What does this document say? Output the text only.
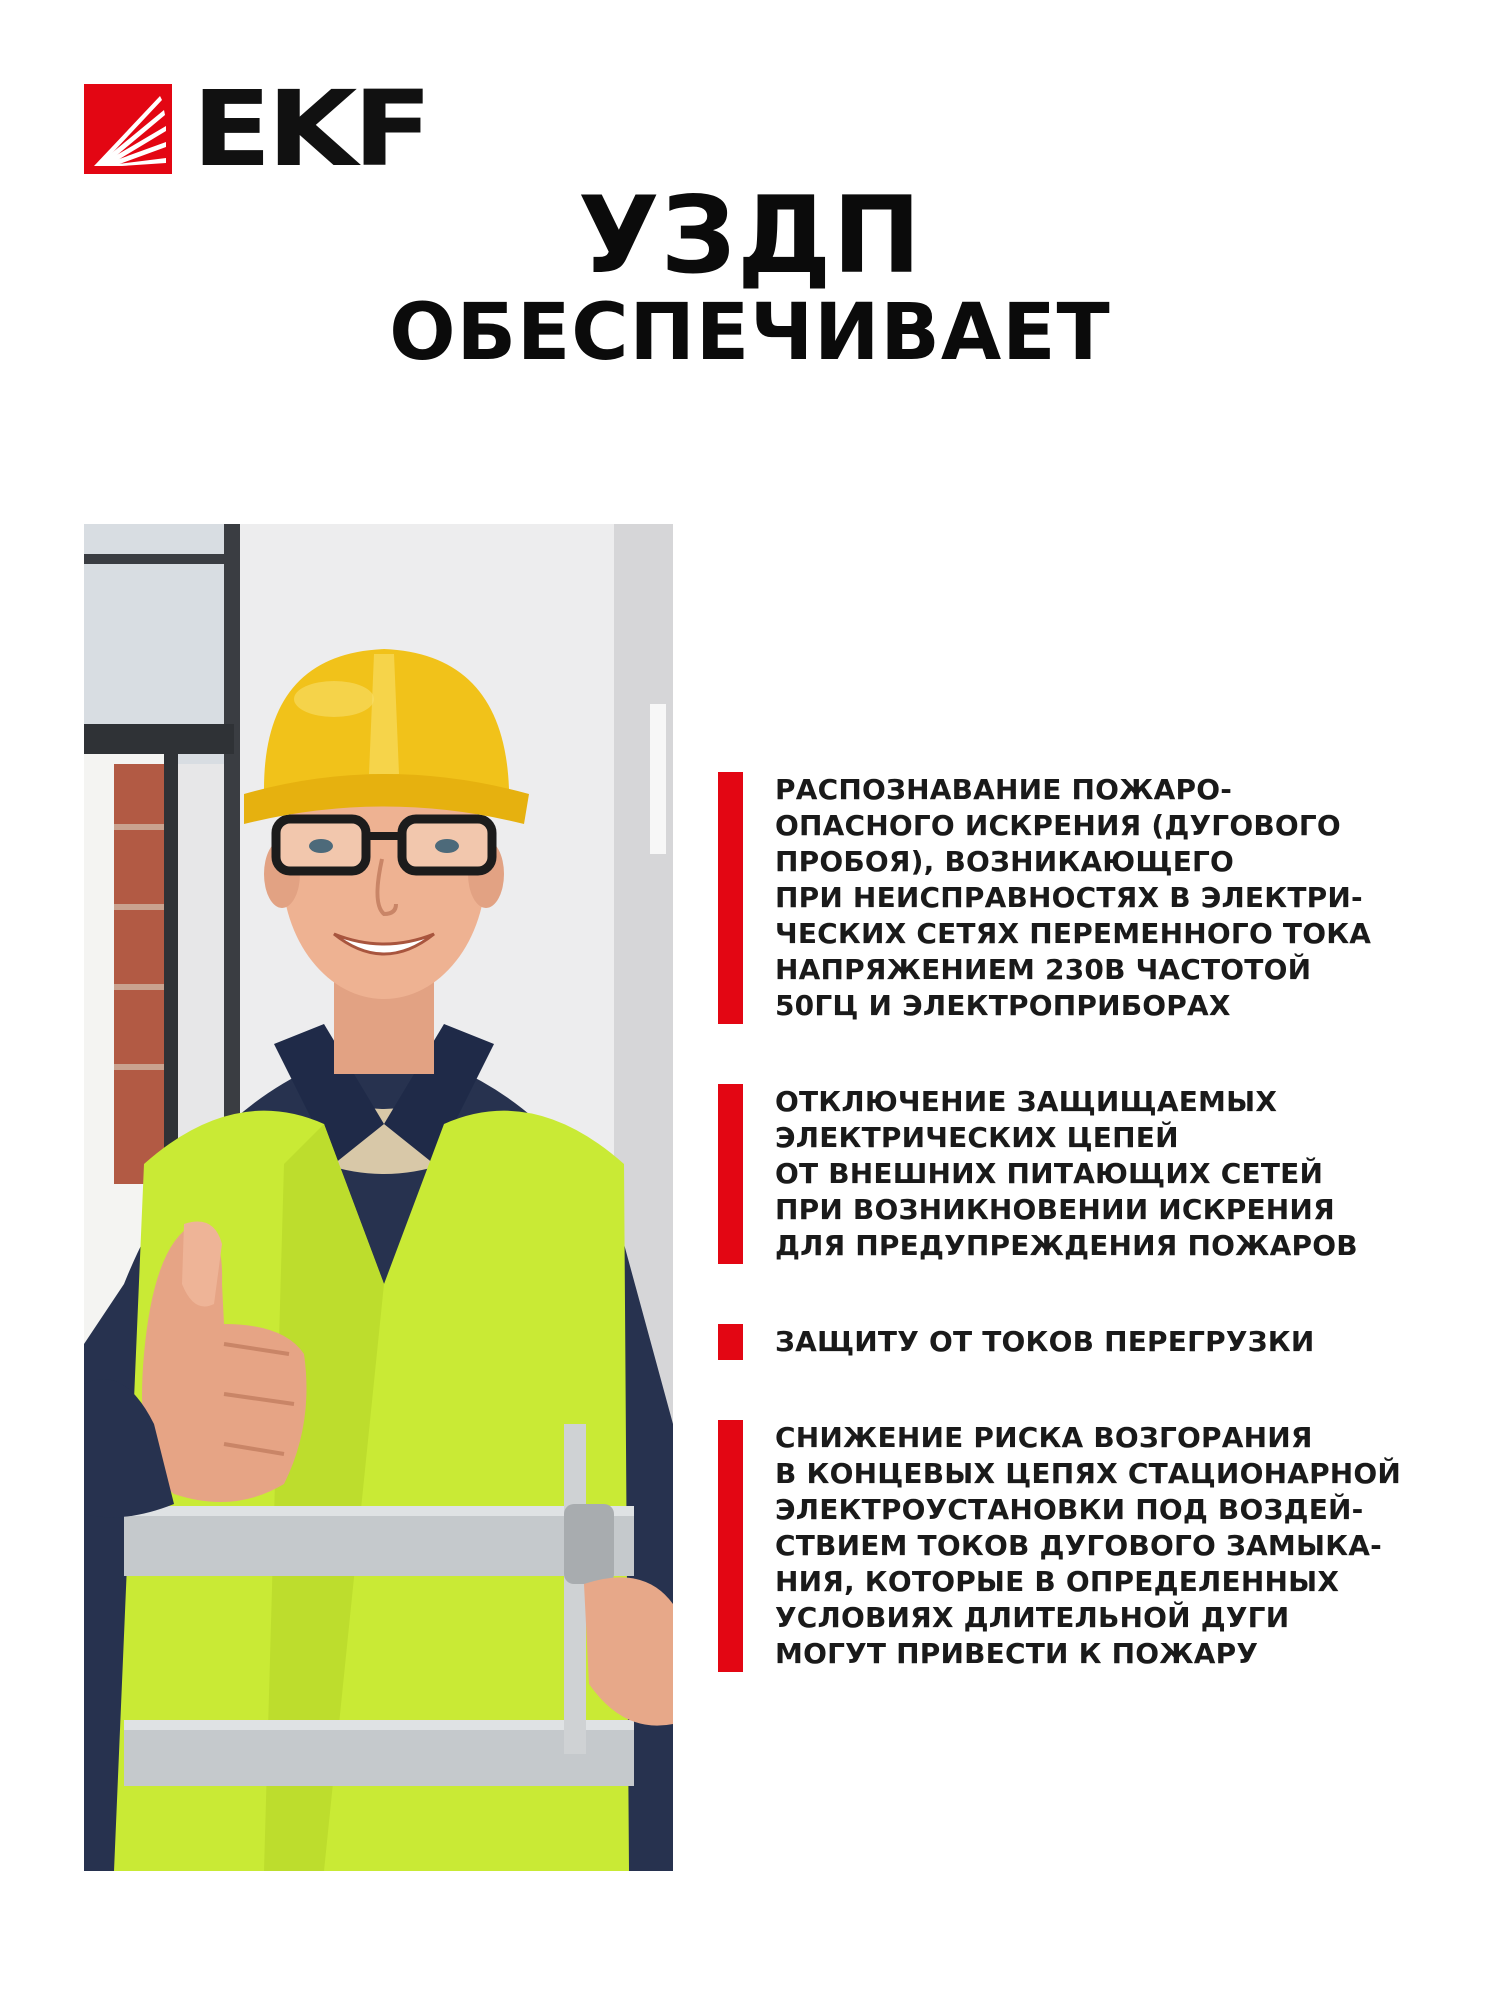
EKF
УЗДП
ОБЕСПЕЧИВАЕТ
РАСПОЗНАВАНИЕ ПОЖАРО-
ОПАСНОГО ИСКРЕНИЯ (ДУГОВОГО
ПРОБОЯ), ВОЗНИКАЮЩЕГО
ПРИ НЕИСПРАВНОСТЯХ В ЭЛЕКТРИ-
ЧЕСКИХ СЕТЯХ ПЕРЕМЕННОГО ТОКА
НАПРЯЖЕНИЕМ 230В ЧАСТОТОЙ
50ГЦ И ЭЛЕКТРОПРИБОРАХ
ОТКЛЮЧЕНИЕ ЗАЩИЩАЕМЫХ
ЭЛЕКТРИЧЕСКИХ ЦЕПЕЙ
ОТ ВНЕШНИХ ПИТАЮЩИХ СЕТЕЙ
ПРИ ВОЗНИКНОВЕНИИ ИСКРЕНИЯ
ДЛЯ ПРЕДУПРЕЖДЕНИЯ ПОЖАРОВ
ЗАЩИТУ ОТ ТОКОВ ПЕРЕГРУЗКИ
СНИЖЕНИЕ РИСКА ВОЗГОРАНИЯ
В КОНЦЕВЫХ ЦЕПЯХ СТАЦИОНАРНОЙ
ЭЛЕКТРОУСТАНОВКИ ПОД ВОЗДЕЙ-
СТВИЕМ ТОКОВ ДУГОВОГО ЗАМЫКА-
НИЯ, КОТОРЫЕ В ОПРЕДЕЛЕННЫХ
УСЛОВИЯХ ДЛИТЕЛЬНОЙ ДУГИ
МОГУТ ПРИВЕСТИ К ПОЖАРУ
